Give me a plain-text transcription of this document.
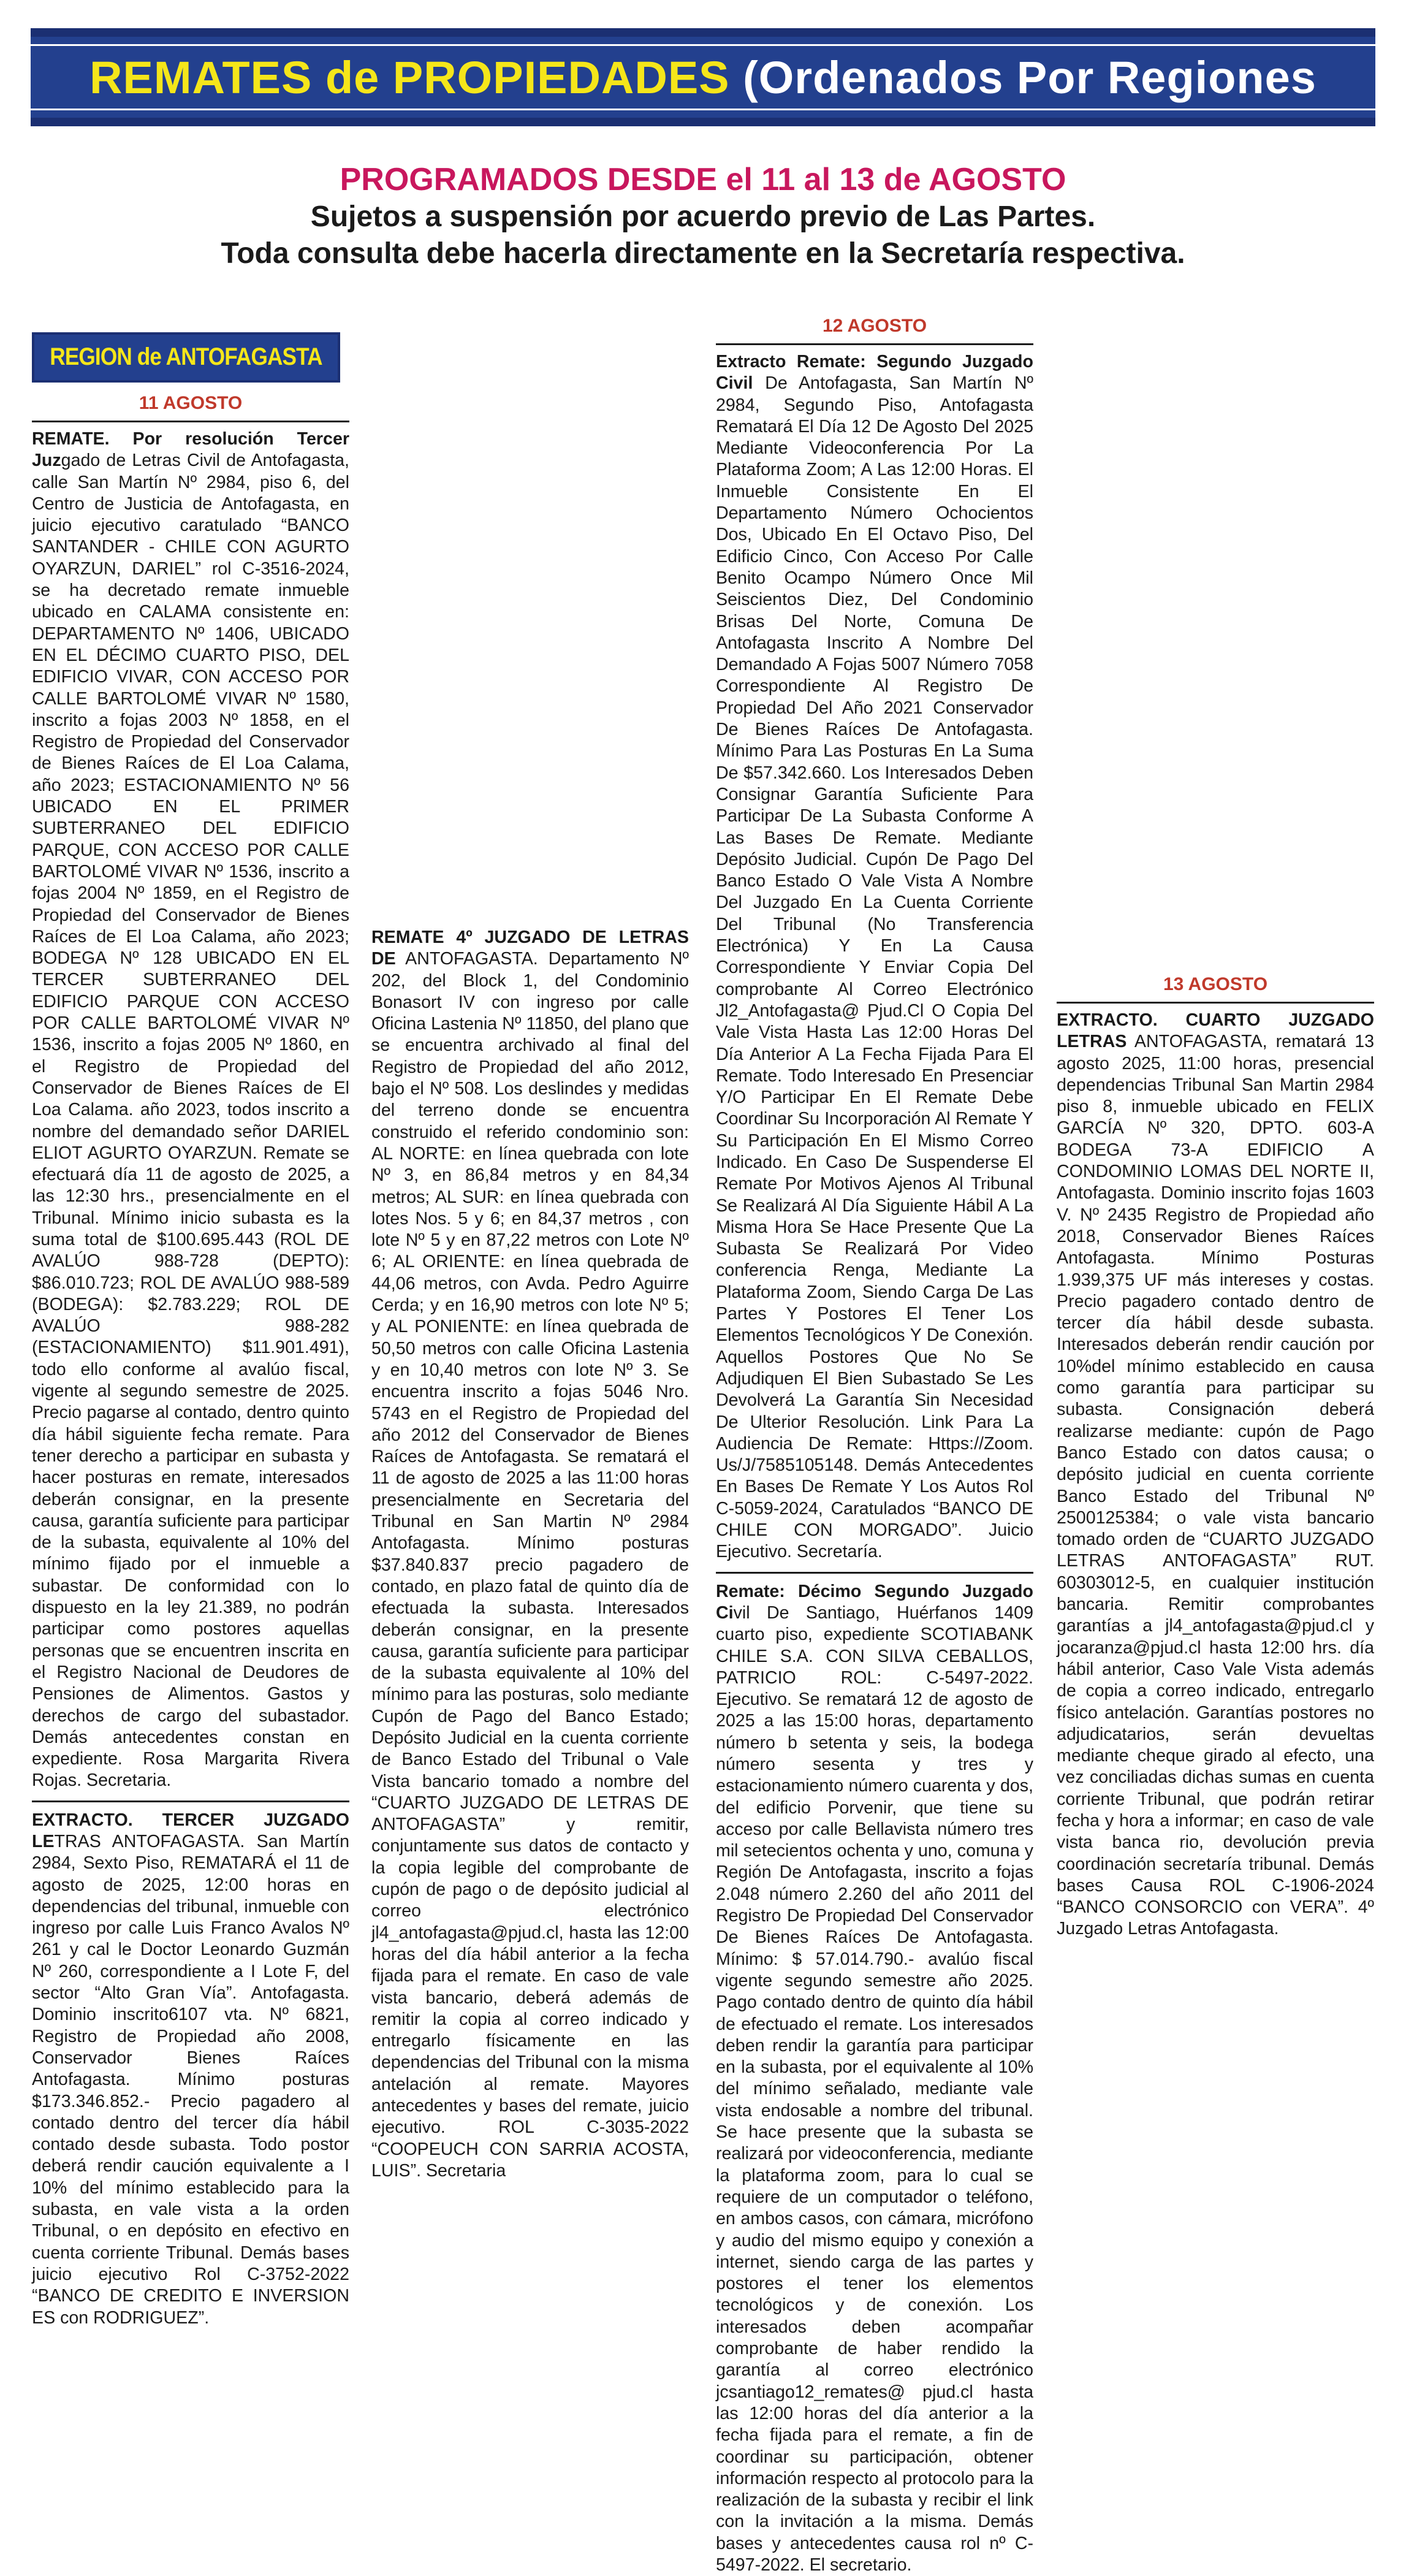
REMATES de PROPIEDADES (Ordenados Por Regiones
PROGRAMADOS DESDE el 11 al 13 de AGOSTO
Sujetos a suspensión por acuerdo previo de Las Partes.
Toda consulta debe hacerla directamente en la Secretaría respectiva.
REGION de ANTOFAGASTA
11 AGOSTO

REMATE. Por resolución Tercer Juzgado de Letras Civil de Antofagasta, calle San Martín Nº 2984, piso 6, del Centro de Justicia de Antofagasta, en juicio ejecutivo caratulado “BANCO SANTANDER - CHILE CON AGURTO OYARZUN, DARIEL” rol C-3516-2024, se ha decretado remate inmueble ubicado en CALAMA consistente en: DEPARTAMENTO Nº 1406, UBICADO EN EL DÉCIMO CUARTO PISO, DEL EDIFICIO VIVAR, CON ACCESO POR CALLE BARTOLOMÉ VIVAR Nº 1580, inscrito a fojas 2003 Nº 1858, en el Registro de Propiedad del Conservador de Bienes Raíces de El Loa Calama, año 2023; ESTACIONAMIENTO Nº 56 UBICADO EN EL PRIMER SUBTERRANEO DEL EDIFICIO PARQUE, CON ACCESO POR CALLE BARTOLOMÉ VIVAR Nº 1536, inscrito a fojas 2004 Nº 1859, en el Registro de Propiedad del Conservador de Bienes Raíces de El Loa Calama, año 2023; BODEGA Nº 128 UBICADO EN EL TERCER SUBTERRANEO DEL EDIFICIO PARQUE CON ACCESO POR CALLE BARTOLOMÉ VIVAR Nº 1536, inscrito a fojas 2005 Nº 1860, en el Registro de Propiedad del Conservador de Bienes Raíces de El Loa Calama. año 2023, todos inscrito a nombre del demandado señor DARIEL ELIOT AGURTO OYARZUN. Remate se efectuará día 11 de agosto de 2025, a las 12:30 hrs., presencialmente en el Tribunal. Mínimo inicio subasta es la suma total de $100.695.443 (ROL DE AVALÚO 988-728 (DEPTO): $86.010.723; ROL DE AVALÚO 988-589 (BODEGA): $2.783.229; ROL DE AVALÚO 988-282 (ESTACIONAMIENTO) $11.901.491), todo ello conforme al avalúo fiscal, vigente al segundo semestre de 2025. Precio pagarse al contado, dentro quinto día hábil siguiente fecha remate. Para tener derecho a participar en subasta y hacer posturas en remate, interesados deberán consignar, en la presente causa, garantía suficiente para participar de la subasta, equivalente al 10% del mínimo fijado por el inmueble a subastar. De conformidad con lo dispuesto en la ley 21.389, no podrán participar como postores aquellas personas que se encuentren inscrita en el Registro Nacional de Deudores de Pensiones de Alimentos. Gastos y derechos de cargo del subastador. Demás antecedentes constan en expediente. Rosa Margarita Rivera Rojas. Secretaria.

EXTRACTO. TERCER JUZGADO LETRAS ANTOFAGASTA. San Martín 2984, Sexto Piso, REMATARÁ el 11 de agosto de 2025, 12:00 horas en dependencias del tribunal, inmueble con ingreso por calle Luis Franco Avalos Nº 261 y cal le Doctor Leonardo Guzmán Nº 260, correspondiente a I Lote F, del sector “Alto Gran Vía”. Antofagasta. Dominio inscrito6107 vta. Nº 6821, Registro de Propiedad año 2008, Conservador Bienes Raíces Antofagasta. Mínimo posturas $173.346.852.- Precio pagadero al contado dentro del tercer día hábil contado desde subasta. Todo postor deberá rendir caución equivalente a I 10% del mínimo establecido para la subasta, en vale vista a la orden Tribunal, o en depósito en efectivo en cuenta corriente Tribunal. Demás bases juicio ejecutivo Rol C-3752-2022 “BANCO DE CREDITO E INVERSION ES con RODRIGUEZ”.

REMATE 4º JUZGADO DE LETRAS DE ANTOFAGASTA. Departamento Nº 202, del Block 1, del Condominio Bonasort IV con ingreso por calle Oficina Lastenia Nº 11850, del plano que se encuentra archivado al final del Registro de Propiedad del año 2012, bajo el Nº 508. Los deslindes y medidas del terreno donde se encuentra construido el referido condominio son: AL NORTE: en línea quebrada con lote Nº 3, en 86,84 metros y en 84,34 metros; AL SUR: en línea quebrada con lotes Nos. 5 y 6; en 84,37 metros , con lote Nº 5 y en 87,22 metros con Lote Nº 6; AL ORIENTE: en línea quebrada de 44,06 metros, con Avda. Pedro Aguirre Cerda; y en 16,90 metros con lote Nº 5; y AL PONIENTE: en línea quebrada de 50,50 metros con calle Oficina Lastenia y en 10,40 metros con lote Nº 3. Se encuentra inscrito a fojas 5046 Nro. 5743 en el Registro de Propiedad del año 2012 del Conservador de Bienes Raíces de Antofagasta. Se rematará el 11 de agosto de 2025 a las 11:00 horas presencialmente en Secretaria del Tribunal en San Martin Nº 2984 Antofagasta. Mínimo posturas $37.840.837 precio pagadero de contado, en plazo fatal de quinto día de efectuada la subasta. Interesados deberán consignar, en la presente causa, garantía suficiente para participar de la subasta equivalente al 10% del mínimo para las posturas, solo mediante Cupón de Pago del Banco Estado; Depósito Judicial en la cuenta corriente de Banco Estado del Tribunal o Vale Vista bancario tomado a nombre del “CUARTO JUZGADO DE LETRAS DE ANTOFAGASTA” y remitir, conjuntamente sus datos de contacto y la copia legible del comprobante de cupón de pago o de depósito judicial al correo electrónico jl4_antofagasta@pjud.cl, hasta las 12:00 horas del día hábil anterior a la fecha fijada para el remate. En caso de vale vista bancario, deberá además de remitir la copia al correo indicado y entregarlo físicamente en las dependencias del Tribunal con la misma antelación al remate. Mayores antecedentes y bases del remate, juicio ejecutivo. ROL C-3035-2022 “COOPEUCH CON SARRIA ACOSTA, LUIS”. Secretaria

12 AGOSTO

Extracto Remate: Segundo Juzgado Civil De Antofagasta, San Martín Nº 2984, Segundo Piso, Antofagasta Rematará El Día 12 De Agosto Del 2025 Mediante Videoconferencia Por La Plataforma Zoom; A Las 12:00 Horas. El Inmueble Consistente En El Departamento Número Ochocientos Dos, Ubicado En El Octavo Piso, Del Edificio Cinco, Con Acceso Por Calle Benito Ocampo Número Once Mil Seiscientos Diez, Del Condominio Brisas Del Norte, Comuna De Antofagasta Inscrito A Nombre Del Demandado A Fojas 5007 Número 7058 Correspondiente Al Registro De Propiedad Del Año 2021 Conservador De Bienes Raíces De Antofagasta. Mínimo Para Las Posturas En La Suma De $57.342.660. Los Interesados Deben Consignar Garantía Suficiente Para Participar De La Subasta Conforme A Las Bases De Remate. Mediante Depósito Judicial. Cupón De Pago Del Banco Estado O Vale Vista A Nombre Del Juzgado En La Cuenta Corriente Del Tribunal (No Transferencia Electrónica) Y En La Causa Correspondiente Y Enviar Copia Del comprobante Al Correo Electrónico Jl2_Antofagasta@ Pjud.Cl O Copia Del Vale Vista Hasta Las 12:00 Horas Del Día Anterior A La Fecha Fijada Para El Remate. Todo Interesado En Presenciar Y/O Participar En El Remate Debe Coordinar Su Incorporación Al Remate Y Su Participación En El Mismo Correo Indicado. En Caso De Suspenderse El Remate Por Motivos Ajenos Al Tribunal Se Realizará Al Día Siguiente Hábil A La Misma Hora Se Hace Presente Que La Subasta Se Realizará Por Video conferencia Renga, Mediante La Plataforma Zoom, Siendo Carga De Las Partes Y Postores El Tener Los Elementos Tecnológicos Y De Conexión. Aquellos Postores Que No Se Adjudiquen El Bien Subastado Se Les Devolverá La Garantía Sin Necesidad De Ulterior Resolución. Link Para La Audiencia De Remate: Https://Zoom. Us/J/7585105148. Demás Antecedentes En Bases De Remate Y Los Autos Rol C-5059-2024, Caratulados “BANCO DE CHILE CON MORGADO”. Juicio Ejecutivo. Secretaría.

Remate: Décimo Segundo Juzgado Civil De Santiago, Huérfanos 1409 cuarto piso, expediente SCOTIABANK CHILE S.A. CON SILVA CEBALLOS, PATRICIO ROL: C-5497-2022. Ejecutivo. Se rematará 12 de agosto de 2025 a las 15:00 horas, departamento número b setenta y seis, la bodega número sesenta y tres y estacionamiento número cuarenta y dos, del edificio Porvenir, que tiene su acceso por calle Bellavista número tres mil setecientos ochenta y uno, comuna y Región De Antofagasta, inscrito a fojas 2.048 número 2.260 del año 2011 del Registro De Propiedad Del Conservador De Bienes Raíces De Antofagasta. Mínimo: $ 57.014.790.- avalúo fiscal vigente segundo semestre año 2025. Pago contado dentro de quinto día hábil de efectuado el remate. Los interesados deben rendir la garantía para participar en la subasta, por el equivalente al 10% del mínimo señalado, mediante vale vista endosable a nombre del tribunal. Se hace presente que la subasta se realizará por videoconferencia, mediante la plataforma zoom, para lo cual se requiere de un computador o teléfono, en ambos casos, con cámara, micrófono y audio del mismo equipo y conexión a internet, siendo carga de las partes y postores el tener los elementos tecnológicos y de conexión. Los interesados deben acompañar comprobante de haber rendido la garantía al correo electrónico jcsantiago12_remates@ pjud.cl hasta las 12:00 horas del día anterior a la fecha fijada para el remate, a fin de coordinar su participación, obtener información respecto al protocolo para la realización de la subasta y recibir el link con la invitación a la misma. Demás bases y antecedentes causa rol nº C-5497-2022. El secretario.

13 AGOSTO

EXTRACTO. CUARTO JUZGADO LETRAS ANTOFAGASTA, rematará 13 agosto 2025, 11:00 horas, presencial dependencias Tribunal San Martin 2984 piso 8, inmueble ubicado en FELIX GARCÍA Nº 320, DPTO. 603-A BODEGA 73-A EDIFICIO A CONDOMINIO LOMAS DEL NORTE II, Antofagasta. Dominio inscrito fojas 1603 V. Nº 2435 Registro de Propiedad año 2018, Conservador Bienes Raíces Antofagasta. Mínimo Posturas 1.939,375 UF más intereses y costas. Precio pagadero contado dentro de tercer día hábil desde subasta. Interesados deberán rendir caución por 10%del mínimo establecido en causa como garantía para participar su subasta. Consignación deberá realizarse mediante: cupón de Pago Banco Estado con datos causa; o depósito judicial en cuenta corriente Banco Estado del Tribunal Nº 2500125384; o vale vista bancario tomado orden de “CUARTO JUZGADO LETRAS ANTOFAGASTA” RUT. 60303012-5, en cualquier institución bancaria. Remitir comprobantes garantías a jl4_antofagasta@pjud.cl y jocaranza@pjud.cl hasta 12:00 hrs. día hábil anterior, Caso Vale Vista además de copia a correo indicado, entregarlo físico antelación. Garantías postores no adjudicatarios, serán devueltas mediante cheque girado al efecto, una vez conciliadas dichas sumas en cuenta corriente Tribunal, que podrán retirar fecha y hora a informar; en caso de vale vista banca rio, devolución previa coordinación secretaría tribunal. Demás bases Causa ROL C-1906-2024 “BANCO CONSORCIO con VERA”. 4º Juzgado Letras Antofagasta.
